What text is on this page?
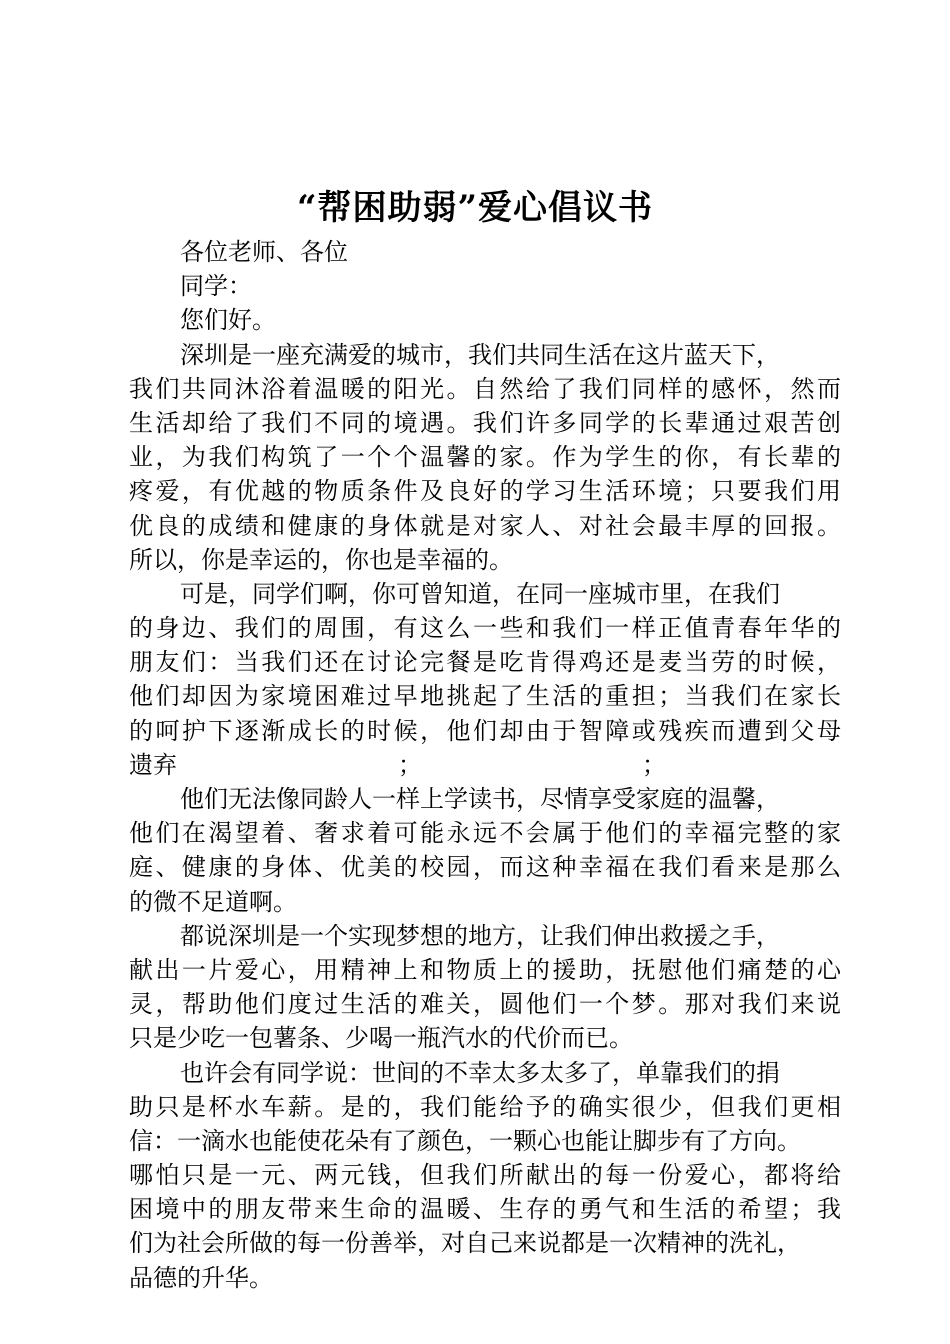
“帮困助弱”爱心倡议书
各位老师、各位
同学：
您们好。
深圳是一座充满爱的城市，我们共同生活在这片蓝天下，
我们共同沐浴着温暖的阳光。自然给了我们同样的感怀，然而
生活却给了我们不同的境遇。我们许多同学的长辈通过艰苦创
业，为我们构筑了一个个温馨的家。作为学生的你，有长辈的
疼爱，有优越的物质条件及良好的学习生活环境；只要我们用
优良的成绩和健康的身体就是对家人、对社会最丰厚的回报。
所以，你是幸运的，你也是幸福的。
可是，同学们啊，你可曾知道，在同一座城市里，在我们
的身边、我们的周围，有这么一些和我们一样正值青春年华的
朋友们：当我们还在讨论完餐是吃肯得鸡还是麦当劳的时候，
他们却因为家境困难过早地挑起了生活的重担；当我们在家长
的呵护下逐渐成长的时候，他们却由于智障或残疾而遭到父母
遗弃	；	；
他们无法像同龄人一样上学读书，尽情享受家庭的温馨，
他们在渴望着、奢求着可能永远不会属于他们的幸福完整的家
庭、健康的身体、优美的校园，而这种幸福在我们看来是那么
的微不足道啊。
都说深圳是一个实现梦想的地方，让我们伸出救援之手，
献出一片爱心，用精神上和物质上的援助，抚慰他们痛楚的心
灵，帮助他们度过生活的难关，圆他们一个梦。那对我们来说
只是少吃一包薯条、少喝一瓶汽水的代价而已。
也许会有同学说：世间的不幸太多太多了，单靠我们的捐
助只是杯水车薪。是的，我们能给予的确实很少，但我们更相
信：一滴水也能使花朵有了颜色，一颗心也能让脚步有了方向。
哪怕只是一元、两元钱，但我们所献出的每一份爱心，都将给
困境中的朋友带来生命的温暖、生存的勇气和生活的希望；我
们为社会所做的每一份善举，对自己来说都是一次精神的洗礼，
品德的升华。
